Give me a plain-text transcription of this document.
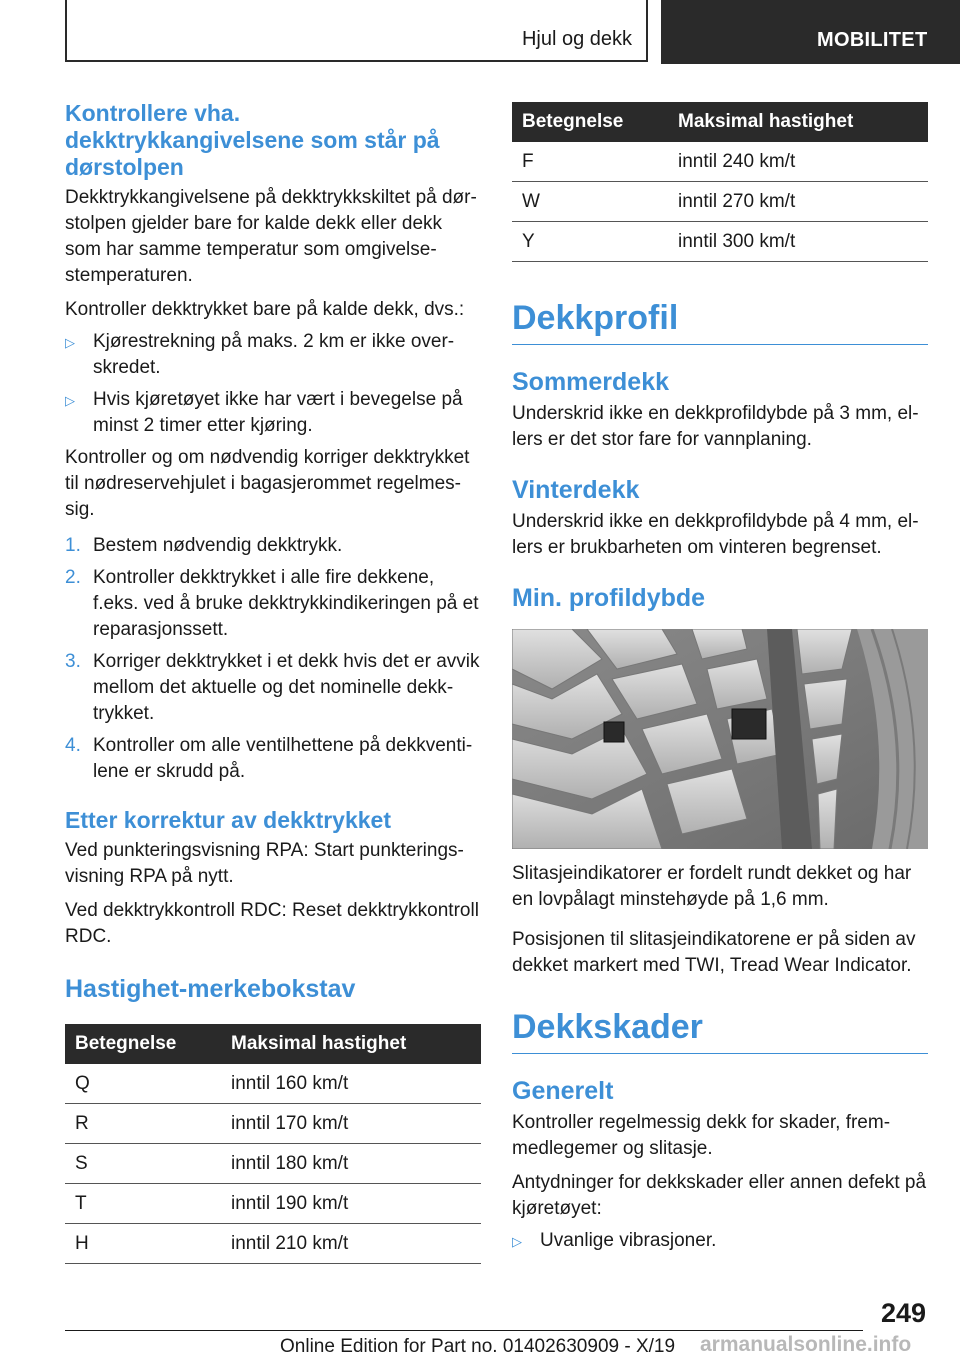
Hjul og dekk	MOBILITET
Kontrollere vha. dekktrykkangivelsene som står på dørstolpen

Dekktrykkangivelsene på dekktrykkskiltet på dørstolpen gjelder bare for kalde dekk eller dekk som har samme temperatur som omgivelsestemperaturen.

Kontroller dekktrykket bare på kalde dekk, dvs.:

▷ Kjørestrekning på maks. 2 km er ikke overskredet.
▷ Hvis kjøretøyet ikke har vært i bevegelse på minst 2 timer etter kjøring.

Kontroller og om nødvendig korriger dekktrykket til nødreservehjulet i bagasjerommet regelmessig.

1. Bestem nødvendig dekktrykk.
2. Kontroller dekktrykket i alle fire dekkene, f.eks. ved å bruke dekktrykkindikeringen på et reparasjonssett.
3. Korriger dekktrykket i et dekk hvis det er avvik mellom det aktuelle og det nominelle dekktrykket.
4. Kontroller om alle ventilhettene på dekkventilene er skrudd på.
Etter korrektur av dekktrykket

Ved punkteringsvisning RPA: Start punkteringsvisning RPA på nytt.

Ved dekktrykkontroll RDC: Reset dekktrykkontroll RDC.

Hastighet-merkebokstav
Betegnelse	Maksimal hastighet
Q	inntil 160 km/t
R	inntil 170 km/t
S	inntil 180 km/t
T	inntil 190 km/t
H	inntil 210 km/t
Betegnelse	Maksimal hastighet
F	inntil 240 km/t
W	inntil 270 km/t
Y	inntil 300 km/t
Dekkprofil
Sommerdekk

Underskrid ikke en dekkprofildybde på 3 mm, ellers er det stor fare for vannplaning.

Vinterdekk

Underskrid ikke en dekkprofildybde på 4 mm, ellers er brukbarheten om vinteren begrenset.

Min. profildybde

Slitasjeindikatorer er fordelt rundt dekket og har en lovpålagt minstehøyde på 1,6 mm.

Posisjonen til slitasjeindikatorene er på siden av dekket markert med TWI, Tread Wear Indicator.

Dekkskader
Generelt

Kontroller regelmessig dekk for skader, fremmedlegemer og slitasje.

Antydninger for dekkskader eller annen defekt på kjøretøyet:

▷ Uvanlige vibrasjoner.
249
Online Edition for Part no. 01402630909 - X/19 armanualsonline.info
